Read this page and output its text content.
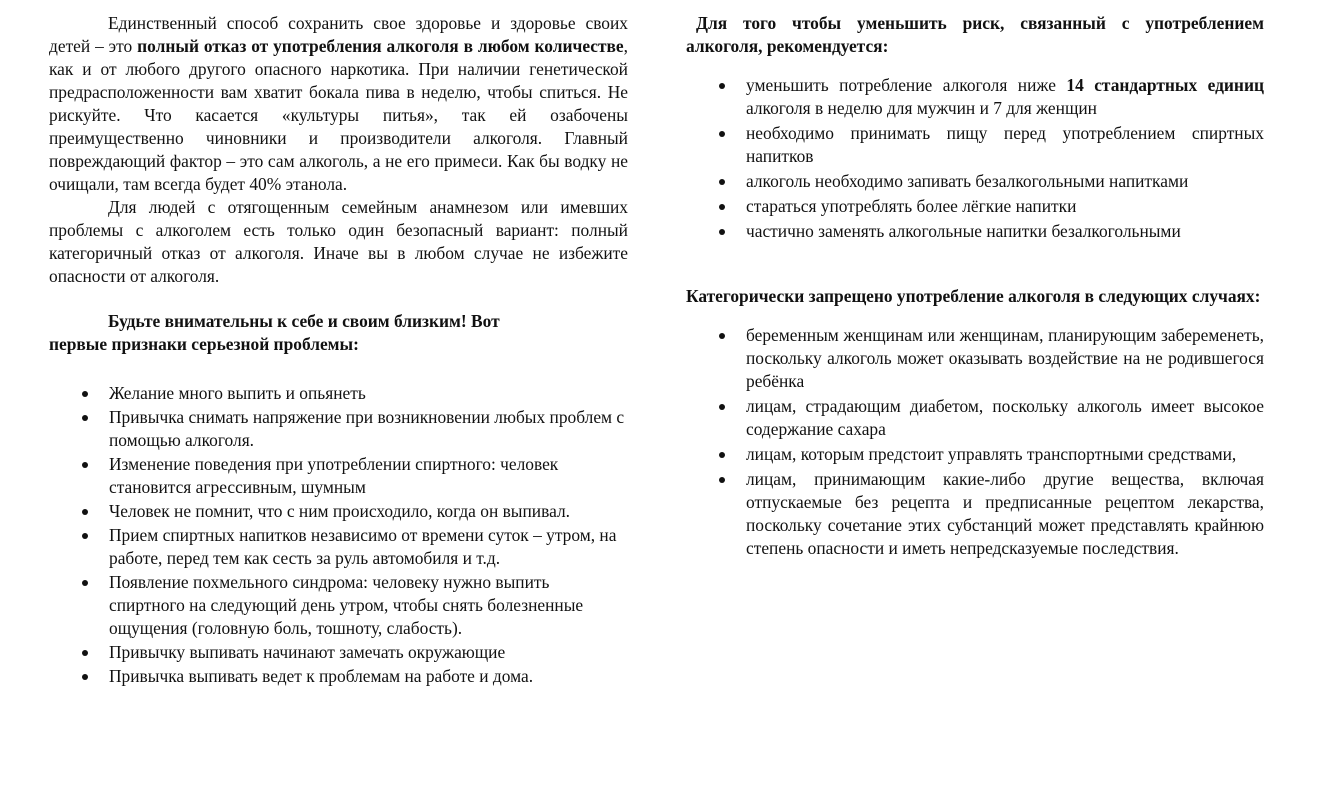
Единственный способ сохранить свое здоровье и здоровье своих детей – это полный отказ от употребления алкоголя в любом количестве, как и от любого другого опасного наркотика. При наличии генетической предрасположенности вам хватит бокала пива в неделю, чтобы спиться. Не рискуйте. Что касается «культуры питья», так ей озабочены преимущественно чиновники и производители алкоголя. Главный повреждающий фактор – это сам алкоголь, а не его примеси. Как бы водку не очищали, там всегда будет 40% этанола.

Для людей с отягощенным семейным анамнезом или имевших проблемы с алкоголем есть только один безопасный вариант: полный категоричный отказ от алкоголя. Иначе вы в любом случае не избежите опасности от алкоголя.

Будьте внимательны к себе и своим близким! Вот
первые признаки серьезной проблемы:

Желание много выпить и опьянеть
Привычка снимать напряжение при возникновении любых проблем с помощью алкоголя.
Изменение поведения при употреблении спиртного: человек становится агрессивным, шумным
Человек не помнит, что с ним происходило, когда он выпивал.
Прием спиртных напитков независимо от времени суток – утром, на работе, перед тем как сесть за руль автомобиля и т.д.
Появление похмельного синдрома: человеку нужно выпить спиртного на следующий день утром, чтобы снять болезненные ощущения (головную боль, тошноту, слабость).
Привычку выпивать начинают замечать окружающие
Привычка выпивать ведет к проблемам на работе и дома.

Для того чтобы уменьшить риск, связанный с употреблением алкоголя, рекомендуется:

уменьшить потребление алкоголя ниже 14 стандартных единиц алкоголя в неделю для мужчин и 7 для женщин
необходимо принимать пищу перед употреблением спиртных напитков
алкоголь необходимо запивать безалкогольными напитками
стараться употреблять более лёгкие напитки
частично заменять алкогольные напитки безалкогольными

Категорически запрещено употребление алкоголя в следующих случаях:

беременным женщинам или женщинам, планирующим забеременеть, поскольку алкоголь может оказывать воздействие на не родившегося ребёнка
лицам, страдающим диабетом, поскольку алкоголь имеет высокое содержание сахара
лицам, которым предстоит управлять транспортными средствами,
лицам, принимающим какие-либо другие вещества, включая отпускаемые без рецепта и предписанные рецептом лекарства, поскольку сочетание этих субстанций может представлять крайнюю степень опасности и иметь непредсказуемые последствия.
